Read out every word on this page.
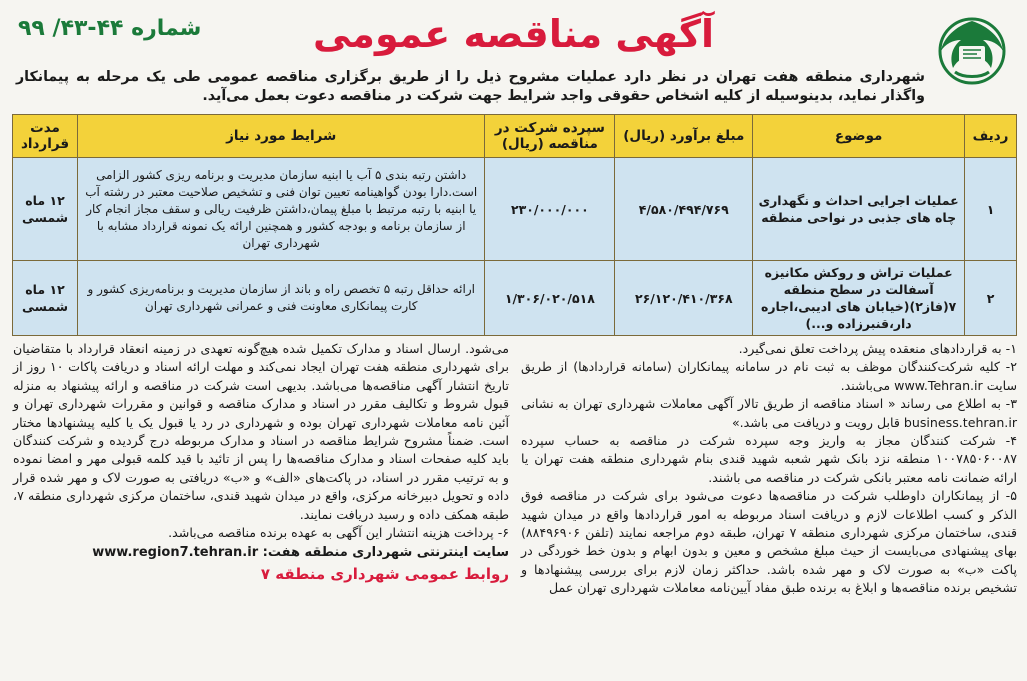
آگهی مناقصه عمومی
شماره ۴۴-۴۳/ ۹۹
شهرداری منطقه هفت تهران در نظر دارد عملیات مشروح ذیل را از طریق برگزاری مناقصه عمومی طی یک مرحله به پیمانکار واگذار نماید، بدینوسیله از کلیه اشخاص حقوقی واجد شرایط جهت شرکت در مناقصه دعوت بعمل می‌آید.
ردیف	موضوع	مبلغ برآورد (ریال)	سپرده شرکت در مناقصه (ریال)	شرایط مورد نیاز	مدت قرارداد
۱	عملیات اجرایی احداث و نگهداری چاه های جذبی در نواحی منطقه	۴/۵۸۰/۴۹۴/۷۶۹	۲۳۰/۰۰۰/۰۰۰	داشتن رتبه بندی ۵ آب یا ابنیه سازمان مدیریت و برنامه ریزی کشور الزامی است.دارا بودن گواهینامه تعیین توان فنی و تشخیص صلاحیت معتبر در رشته آب یا ابنیه با رتبه مرتبط با مبلغ پیمان،داشتن ظرفیت ریالی و سقف مجاز انجام کار از سازمان برنامه و بودجه کشور و همچنین ارائه یک نمونه قرارداد مشابه با شهرداری تهران	۱۲ ماه شمسی
۲	عملیات تراش و روکش مکانیزه آسفالت در سطح منطقه ۷(فاز۲)(خیابان های ادیبی،اجاره دار،قنبرزاده و...)	۲۶/۱۲۰/۴۱۰/۳۶۸	۱/۳۰۶/۰۲۰/۵۱۸	ارائه حداقل رتبه ۵ تخصص راه و باند از سازمان مدیریت و برنامه‌ریزی کشور و کارت پیمانکاری معاونت فنی و عمرانی شهرداری تهران	۱۲ ماه شمسی

۱- به قراردادهای منعقده پیش پرداخت تعلق نمی‌گیرد.

۲- کلیه شرکت‌کنندگان موظف به ثبت نام در سامانه پیمانکاران (سامانه قراردادها) از طریق سایت www.Tehran.ir می‌باشند.

۳- به اطلاع می رساند « اسناد مناقصه از طریق تالار آگهی معاملات شهرداری تهران به نشانی business.tehran.ir قابل رویت و دریافت می باشد.»

۴- شرکت کنندگان مجاز به واریز وجه سپرده شرکت در مناقصه به حساب سپرده ۱۰۰۷۸۵۰۶۰۰۸۷ منطقه نزد بانک شهر شعبه شهید قندی بنام شهرداری منطقه هفت تهران یا ارائه ضمانت نامه معتبر بانکی شرکت در مناقصه می باشند.

۵- از پیمانکاران داوطلب شرکت در مناقصه‌ها دعوت می‌شود برای شرکت در مناقصه فوق الذکر و کسب اطلاعات لازم و دریافت اسناد مربوطه به امور قراردادها واقع در میدان شهید قندی، ساختمان مرکزی شهرداری منطقه ۷ تهران، طبقه دوم مراجعه نمایند (تلفن ۸۸۴۹۶۹۰۶) بهای پیشنهادی می‌بایست از حیث مبلغ مشخص و معین و بدون ابهام و بدون خط خوردگی در پاکت «ب» به صورت لاک و مهر شده باشد. حداکثر زمان لازم برای بررسی پیشنهادها و تشخیص برنده مناقصه‌ها و ابلاغ به برنده طبق مفاد آیین‌نامه معاملات شهرداری تهران عمل

می‌شود. ارسال اسناد و مدارک تکمیل شده هیچ‌گونه تعهدی در زمینه انعقاد قرارداد با متقاضیان برای شهرداری منطقه هفت تهران ایجاد نمی‌کند و مهلت ارائه اسناد و دریافت پاکات ۱۰ روز از تاریخ انتشار آگهی مناقصه‌ها می‌باشد. بدیهی است شرکت در مناقصه و ارائه پیشنهاد به منزله قبول شروط و تکالیف مقرر در اسناد و مدارک مناقصه و قوانین و مقررات شهرداری تهران و آئین نامه معاملات شهرداری تهران بوده و شهرداری در رد یا قبول یک یا کلیه پیشنهادها مختار است. ضمناً مشروح شرایط مناقصه در اسناد و مدارک مربوطه درج گردیده و شرکت کنندگان باید کلیه صفحات اسناد و مدارک مناقصه‌ها را پس از تائید با قید کلمه قبولی مهر و امضا نموده و به ترتیب مقرر در اسناد، در پاکت‌های «الف» و «ب» دریافتی به صورت لاک و مهر شده قرار داده و تحویل دبیرخانه مرکزی، واقع در میدان شهید قندی، ساختمان مرکزی شهرداری منطقه ۷، طبقه همکف داده و رسید دریافت نمایند.

۶- پرداخت هزینه انتشار این آگهی به عهده برنده مناقصه می‌باشد.

سایت اینترنتی شهرداری منطقه هفت: www.region7.tehran.ir
روابط عمومی شهرداری منطقه ۷
